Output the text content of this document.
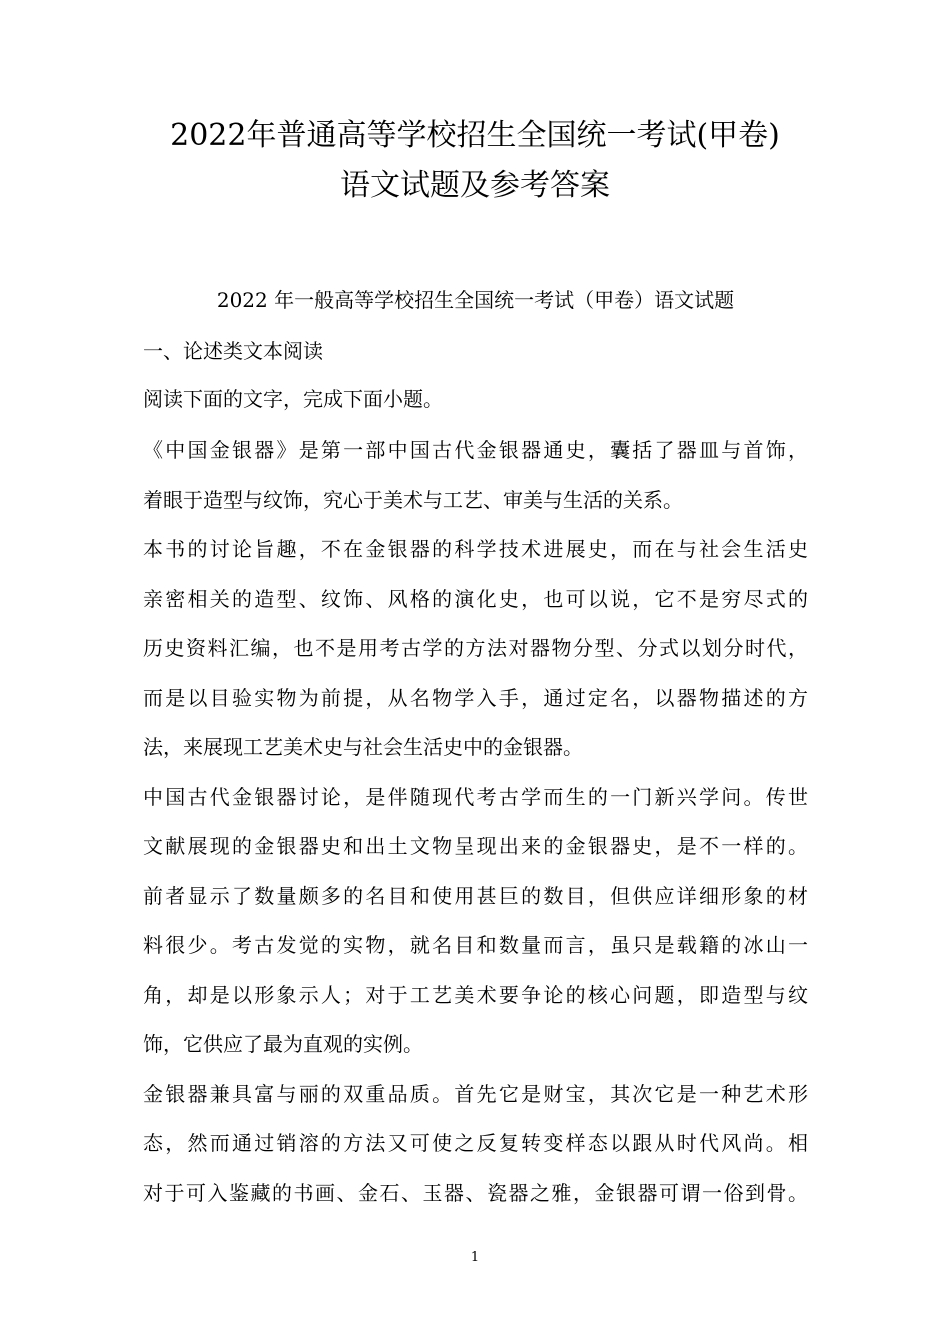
2022年普通高等学校招生全国统一考试(甲卷)
语文试题及参考答案
2022 年一般高等学校招生全国统一考试（甲卷）语文试题
一、论述类文本阅读
阅读下面的文字，完成下面小题。
《中国金银器》是第一部中国古代金银器通史，囊括了器皿与首饰，
着眼于造型与纹饰，究心于美术与工艺、审美与生活的关系。
本书的讨论旨趣，不在金银器的科学技术进展史，而在与社会生活史
亲密相关的造型、纹饰、风格的演化史，也可以说，它不是穷尽式的
历史资料汇编，也不是用考古学的方法对器物分型、分式以划分时代，
而是以目验实物为前提，从名物学入手，通过定名，以器物描述的方
法，来展现工艺美术史与社会生活史中的金银器。
中国古代金银器讨论，是伴随现代考古学而生的一门新兴学问。传世
文献展现的金银器史和出土文物呈现出来的金银器史，是不一样的。
前者显示了数量颇多的名目和使用甚巨的数目，但供应详细形象的材
料很少。考古发觉的实物，就名目和数量而言，虽只是载籍的冰山一
角，却是以形象示人；对于工艺美术要争论的核心问题，即造型与纹
饰，它供应了最为直观的实例。
金银器兼具富与丽的双重品质。首先它是财宝，其次它是一种艺术形
态，然而通过销溶的方法又可使之反复转变样态以跟从时代风尚。相
对于可入鉴藏的书画、金石、玉器、瓷器之雅，金银器可谓一俗到骨。
1
